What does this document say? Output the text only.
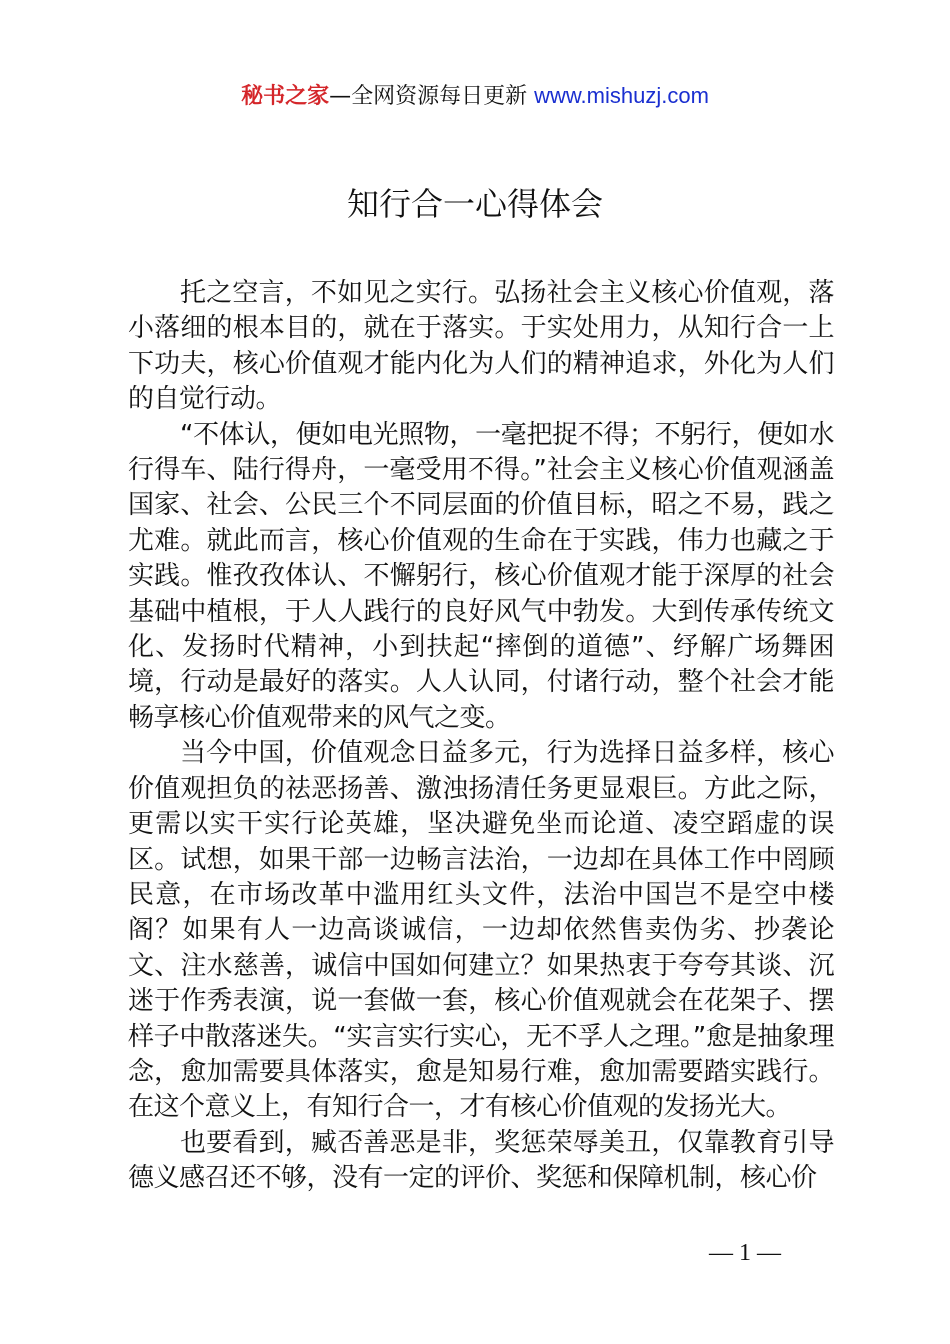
秘书之家—全网资源每日更新 www.mishuzj.com
知行合一心得体会

托之空言，不如见之实行。弘扬社会主义核心价值观，落小落细的根本目的，就在于落实。于实处用力，从知行合一上下功夫，核心价值观才能内化为人们的精神追求，外化为人们的自觉行动。

“不体认，便如电光照物，一毫把捉不得；不躬行，便如水行得车、陆行得舟，一毫受用不得。”社会主义核心价值观涵盖国家、社会、公民三个不同层面的价值目标，昭之不易，践之尤难。就此而言，核心价值观的生命在于实践，伟力也藏之于实践。惟孜孜体认、不懈躬行，核心价值观才能于深厚的社会基础中植根，于人人践行的良好风气中勃发。大到传承传统文化、发扬时代精神，小到扶起“摔倒的道德”、纾解广场舞困境，行动是最好的落实。人人认同，付诸行动，整个社会才能畅享核心价值观带来的风气之变。

当今中国，价值观念日益多元，行为选择日益多样，核心价值观担负的祛恶扬善、激浊扬清任务更显艰巨。方此之际，更需以实干实行论英雄，坚决避免坐而论道、凌空蹈虚的误区。试想，如果干部一边畅言法治，一边却在具体工作中罔顾民意，在市场改革中滥用红头文件，法治中国岂不是空中楼阁？如果有人一边高谈诚信，一边却依然售卖伪劣、抄袭论文、注水慈善，诚信中国如何建立？如果热衷于夸夸其谈、沉迷于作秀表演，说一套做一套，核心价值观就会在花架子、摆样子中散落迷失。“实言实行实心，无不孚人之理。”愈是抽象理念，愈加需要具体落实，愈是知易行难，愈加需要踏实践行。在这个意义上，有知行合一，才有核心价值观的发扬光大。

也要看到，臧否善恶是非，奖惩荣辱美丑，仅靠教育引导德义感召还不够，没有一定的评价、奖惩和保障机制，核心价

— 1 —
